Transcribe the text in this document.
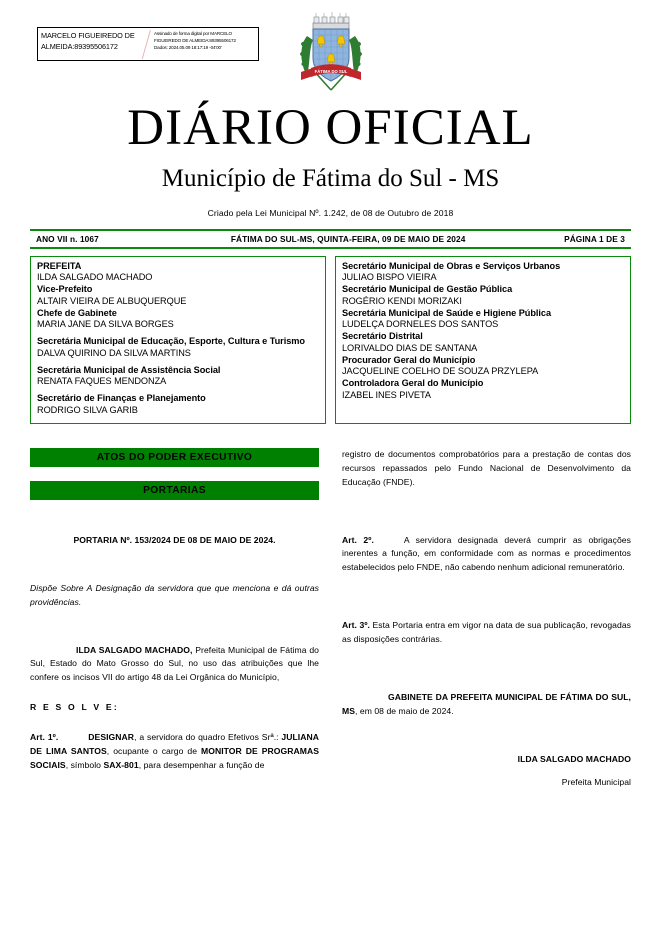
MARCELO FIGUEIREDO DE
ALMEIDA:89395506172
Assinado de forma digital por MARCELO
FIGUEIREDO DE ALMEIDA:89395506172
Dados: 2024.05.09 18:17:19 -04'00'
FÁTIMA DO SUL
DIÁRIO OFICIAL
Município de Fátima do Sul - MS
Criado pela Lei Municipal Nº. 1.242, de 08 de Outubro de 2018
ANO VII n. 1067	FÁTIMA DO SUL-MS, QUINTA-FEIRA, 09 DE MAIO DE 2024	PÁGINA 1 DE 3
PREFEITA
ILDA SALGADO MACHADO
Vice-Prefeito
ALTAIR VIEIRA DE ALBUQUERQUE
Chefe de Gabinete
MARIA JANE DA SILVA BORGES
Secretária Municipal de Educação, Esporte, Cultura e Turismo
DALVA QUIRINO DA SILVA MARTINS
Secretária Municipal de Assistência Social
RENATA FAQUES MENDONZA
Secretário de Finanças e Planejamento
RODRIGO SILVA GARIB
Secretário Municipal de Obras e Serviços Urbanos
JULIAO BISPO VIEIRA
Secretário Municipal de Gestão Pública
ROGÉRIO KENDI MORIZAKI
Secretária Municipal de Saúde e Higiene Pública
LUDELÇA DORNELES DOS SANTOS
Secretário Distrital
LORIVALDO DIAS DE SANTANA
Procurador Geral do Município
JACQUELINE COELHO DE SOUZA PRZYLEPA
Controladora Geral do Município
IZABEL INES PIVETA
ATOS DO PODER EXECUTIVO
PORTARIAS

PORTARIA Nº. 153/2024 DE 08 DE MAIO DE 2024.

Dispõe Sobre A Designação da servidora que que menciona e dá outras providências.

ILDA SALGADO MACHADO, Prefeita Municipal de Fátima do Sul, Estado do Mato Grosso do Sul, no uso das atribuições que lhe confere os incisos VII do artigo 48 da Lei Orgânica do Município,

R E S O L V E:

Art. 1º.	DESIGNAR, a servidora do quadro Efetivos Srª.: JULIANA DE LIMA SANTOS, ocupante o cargo de MONITOR DE PROGRAMAS SOCIAIS, símbolo SAX-801, para desempenhar a função de

registro de documentos comprobatórios para a prestação de contas dos recursos repassados pelo Fundo Nacional de Desenvolvimento da Educação (FNDE).

Art. 2º.	A servidora designada deverá cumprir as obrigações inerentes a função, em conformidade com as normas e procedimentos estabelecidos pelo FNDE, não cabendo nenhum adicional remuneratório.

Art. 3º. Esta Portaria entra em vigor na data de sua publicação, revogadas as disposições contrárias.

GABINETE DA PREFEITA MUNICIPAL DE FÁTIMA DO SUL, MS, em 08 de maio de 2024.

ILDA SALGADO MACHADO

Prefeita Municipal
